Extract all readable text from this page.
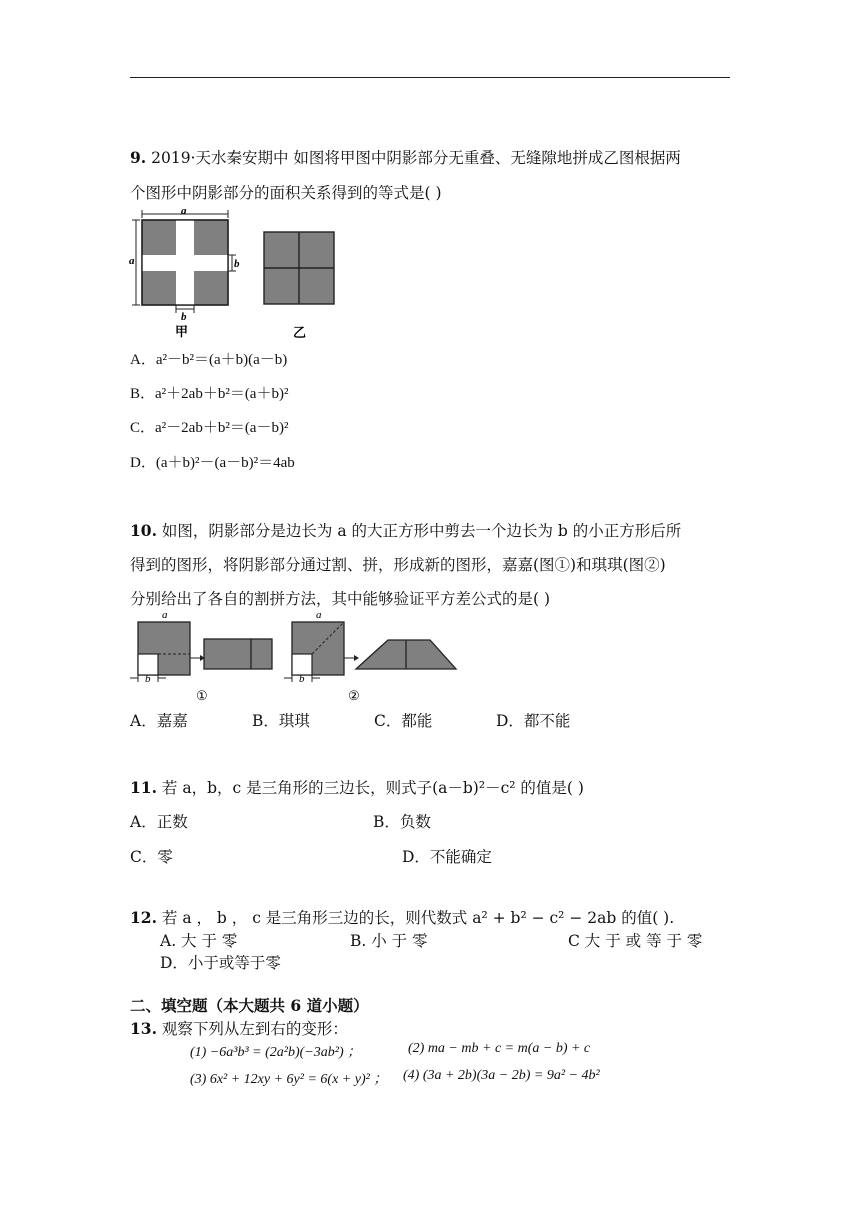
9. 2019·天水秦安期中 如图将甲图中阴影部分无重叠、无缝隙地拼成乙图根据两
个图形中阴影部分的面积关系得到的等式是( )
a
a	b
b
甲	乙
A．a²－b²＝(a＋b)(a－b)
B．a²＋2ab＋b²＝(a＋b)²
C．a²－2ab＋b²＝(a－b)²
D．(a＋b)²－(a－b)²＝4ab
10. 如图，阴影部分是边长为 a 的大正方形中剪去一个边长为 b 的小正方形后所
得到的图形，将阴影部分通过割、拼，形成新的图形，嘉嘉(图①)和琪琪(图②)
分别给出了各自的割拼方法，其中能够验证平方差公式的是( )
a
b
①
a
b
②
A．嘉嘉	B．琪琪	C．都能	D．都不能
11. 若 a，b，c 是三角形的三边长，则式子(a－b)²－c² 的值是( )
A．正数	B．负数
C．零	D．不能确定
12. 若 a ， b ， c 是三角形三边的长，则代数式 a² + b² − c² − 2ab 的值( ).
A. 大 于 零	B. 小 于 零	C 大 于 或 等 于 零
D．小于或等于零
二、填空题（本大题共 6 道小题）
13. 观察下列从左到右的变形：
(1) −6a³b³ = (2a²b)(−3ab²) ；	(2) ma − mb + c = m(a − b) + c
(3) 6x² + 12xy + 6y² = 6(x + y)² ； (4) (3a + 2b)(3a − 2b) = 9a² − 4b²
